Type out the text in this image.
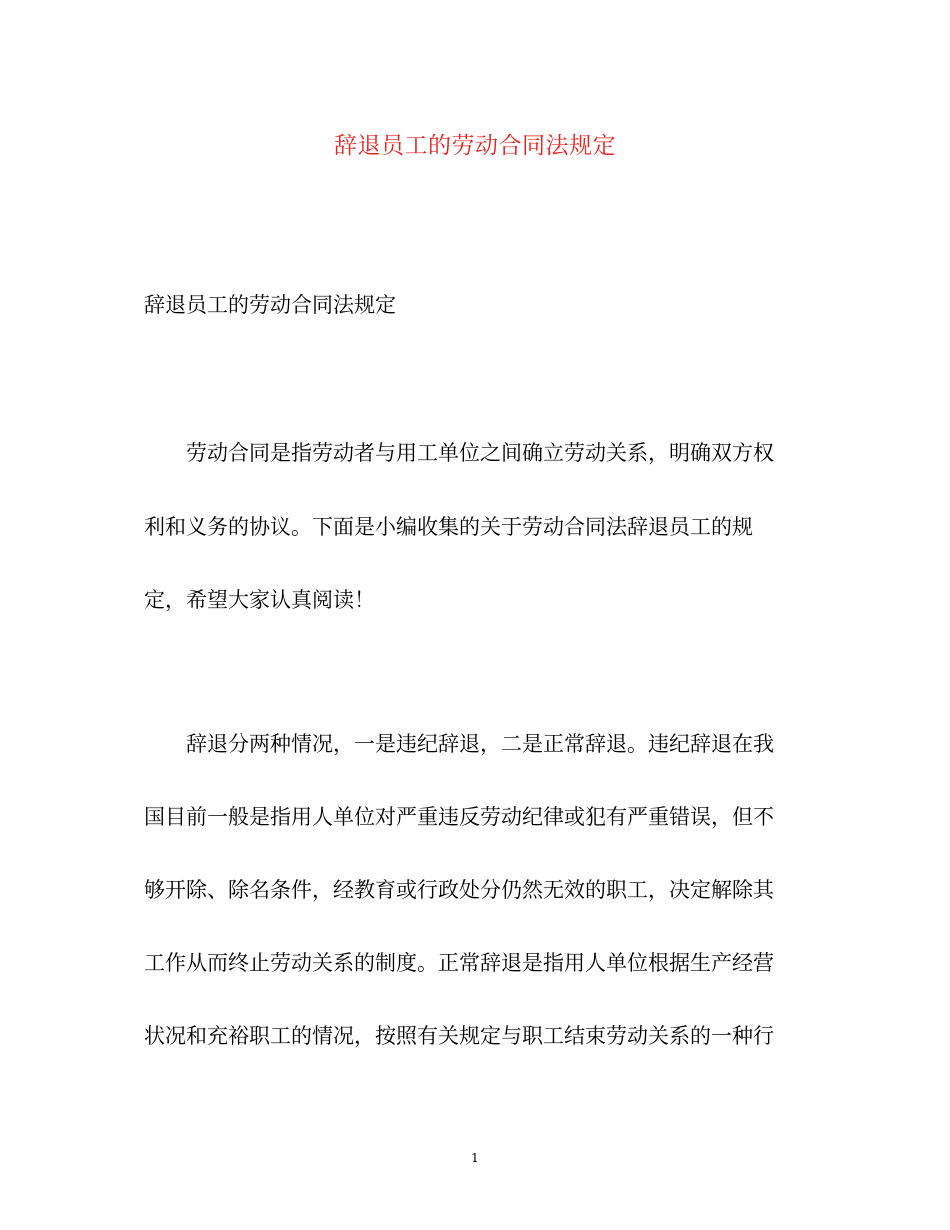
辞退员工的劳动合同法规定
辞退员工的劳动合同法规定
劳动合同是指劳动者与用工单位之间确立劳动关系，明确双方权
利和义务的协议。下面是小编收集的关于劳动合同法辞退员工的规
定，希望大家认真阅读！
辞退分两种情况，一是违纪辞退，二是正常辞退。违纪辞退在我
国目前一般是指用人单位对严重违反劳动纪律或犯有严重错误，但不
够开除、除名条件，经教育或行政处分仍然无效的职工，决定解除其
工作从而终止劳动关系的制度。正常辞退是指用人单位根据生产经营
状况和充裕职工的情况，按照有关规定与职工结束劳动关系的一种行
1
